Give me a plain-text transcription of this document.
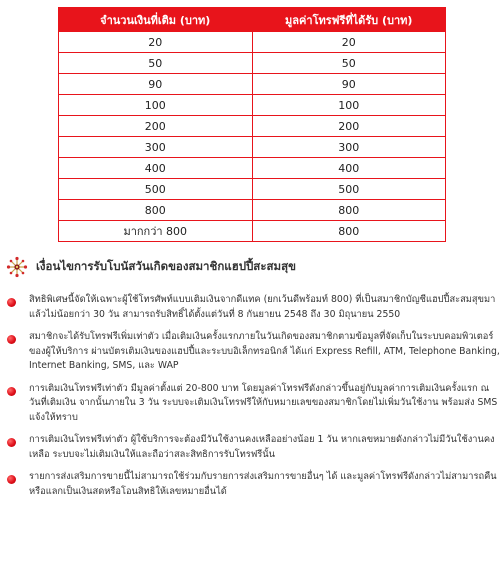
จำนวนเงินที่เติม (บาท)	มูลค่าโทรฟรีที่ได้รับ (บาท)
20	20
50	50
90	90
100	100
200	200
300	300
400	400
500	500
800	800
มากกว่า 800	800
เงื่อนไขการรับโบนัสวันเกิดของสมาชิกแฮปปี้สะสมสุข
สิทธิพิเศษนี้จัดให้เฉพาะผู้ใช้โทรศัพท์แบบเติมเงินจากดีแทค (ยกเว้นดีพร้อมท์ 800) ที่เป็นสมาชิกบัญชีแฮปปี้สะสมสุขมาแล้วไม่น้อยกว่า 30 วัน สามารถรับสิทธิ์ได้ตั้งแต่วันที่ 8 กันยายน 2548 ถึง 30 มิถุนายน 2550
สมาชิกจะได้รับโทรฟรีเพิ่มเท่าตัว เมื่อเติมเงินครั้งแรกภายในวันเกิดของสมาชิกตามข้อมูลที่จัดเก็บในระบบคอมพิวเตอร์ของผู้ให้บริการ ผ่านบัตรเติมเงินของแฮปปี้และระบบอิเล็กทรอนิกส์ ได้แก่ Express Refill, ATM, Telephone Banking, Internet Banking, SMS, และ WAP
การเติมเงินโทรฟรีเท่าตัว มีมูลค่าตั้งแต่ 20-800 บาท โดยมูลค่าโทรฟรีดังกล่าวขึ้นอยู่กับมูลค่าการเติมเงินครั้งแรก ณ วันที่เติมเงิน จากนั้นภายใน 3 วัน ระบบจะเติมเงินโทรฟรีให้กับหมายเลขของสมาชิกโดยไม่เพิ่มวันใช้งาน พร้อมส่ง SMS แจ้งให้ทราบ
การเติมเงินโทรฟรีเท่าตัว ผู้ใช้บริการจะต้องมีวันใช้งานคงเหลืออย่างน้อย 1 วัน หากเลขหมายดังกล่าวไม่มีวันใช้งานคงเหลือ ระบบจะไม่เติมเงินให้และถือว่าสละสิทธิการรับโทรฟรีนั้น
รายการส่งเสริมการขายนี้ไม่สามารถใช้ร่วมกับรายการส่งเสริมการขายอื่นๆ ได้ และมูลค่าโทรฟรีดังกล่าวไม่สามารถคืนหรือแลกเป็นเงินสดหรือโอนสิทธิให้เลขหมายอื่นได้
